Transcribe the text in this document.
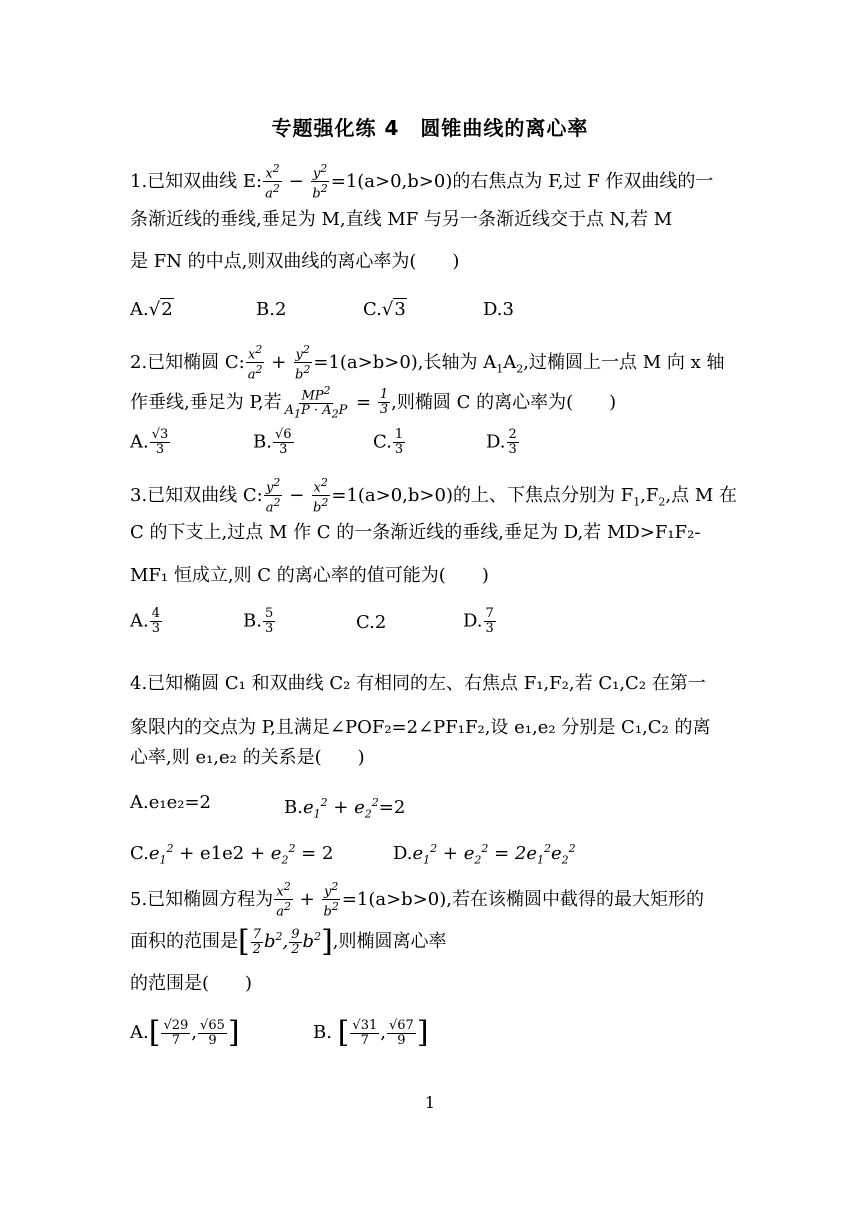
专题强化练 4　圆锥曲线的离心率
1.已知双曲线 E: $\frac{x^2}{a^2} - \frac{y^2}{b^2} =1(a>0,b>0)$的右焦点为 F,过 F 作双曲线的一
条渐近线的垂线,垂足为 M,直线 MF 与另一条渐近线交于点 N,若 M
是 FN 的中点,则双曲线的离心率为(　　)
A.√2	B.2	C.√3	D.3
2.已知椭圆 C: $\frac{x^2}{a^2} + \frac{y^2}{b^2} =1(a>b>0)$,长轴为 $A_1A_2$,过椭圆上一点 M 向 x 轴
作垂线,垂足为 P,若 $\frac{MP^2}{A_1P \cdot A_2P} = \frac{1}{3}$ ,则椭圆 C 的离心率为(　　)
A. $\frac{√3}{3}$	B. $\frac{√6}{3}$	C. $\frac{1}{3}$	D. $\frac{2}{3}$
3.已知双曲线 C: $\frac{y^2}{a^2} - \frac{x^2}{b^2} =1(a>0,b>0)$的上、下焦点分别为 $F_1,F_2$,点 M 在
C 的下支上,过点 M 作 C 的一条渐近线的垂线,垂足为 D,若 MD>F₁F₂-
MF₁ 恒成立,则 C 的离心率的值可能为(　　)
A. $\frac{4}{3}$	B. $\frac{5}{3}$	C.2	D. $\frac{7}{3}$
4.已知椭圆 C₁ 和双曲线 C₂ 有相同的左、右焦点 F₁,F₂,若 C₁,C₂ 在第一
象限内的交点为 P,且满足∠POF₂=2∠PF₁F₂,设 e₁,e₂ 分别是 C₁,C₂ 的离
心率,则 e₁,e₂ 的关系是(　　)
A.e₁e₂=2	$B.e_1^2 + e_2^2=2$
$C.e_1^2 + e1e2 + e_2^2 = 2$	$D.e_1^2 + e_2^2 = 2e_1^2e_2^2$
5.已知椭圆方程为 $\frac{x^2}{a^2} + \frac{y^2}{b^2} =1(a>b>0)$,若在该椭圆中截得的最大矩形的
面积的范围是[ $\frac{7}{2} b^2$, $\frac{9}{2} b^2$],则椭圆离心率
的范围是(　　)
$A.[ \frac{√29}{7}$ , $\frac{√65}{9}$ ]	B. [ $\frac{√31}{7}$ , $\frac{√67}{9}$ ]
1
